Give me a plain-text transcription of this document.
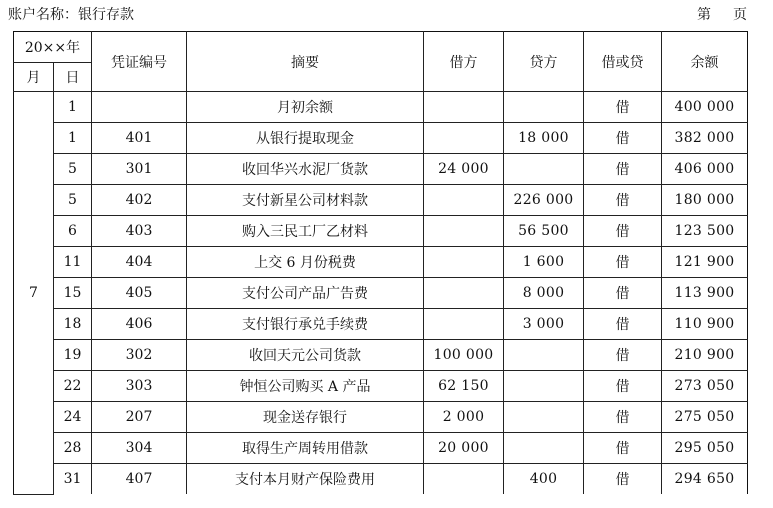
账户名称：银行存款	第 页
20××年		凭证编号	摘要	借方	贷方	借或贷	余额
月	日						
7	1		月初余额			借	400 000
	1	401	从银行提取现金		18 000	借	382 000
	5	301	收回华兴水泥厂货款	24 000		借	406 000
	5	402	支付新星公司材料款		226 000	借	180 000
	6	403	购入三民工厂乙材料		56 500	借	123 500
	11	404	上交 6 月份税费		1 600	借	121 900
	15	405	支付公司产品广告费		8 000	借	113 900
	18	406	支付银行承兑手续费		3 000	借	110 900
	19	302	收回天元公司货款	100 000		借	210 900
	22	303	钟恒公司购买 A 产品	62 150		借	273 050
	24	207	现金送存银行	2 000		借	275 050
	28	304	取得生产周转用借款	20 000		借	295 050
	31	407	支付本月财产保险费用		400	借	294 650
